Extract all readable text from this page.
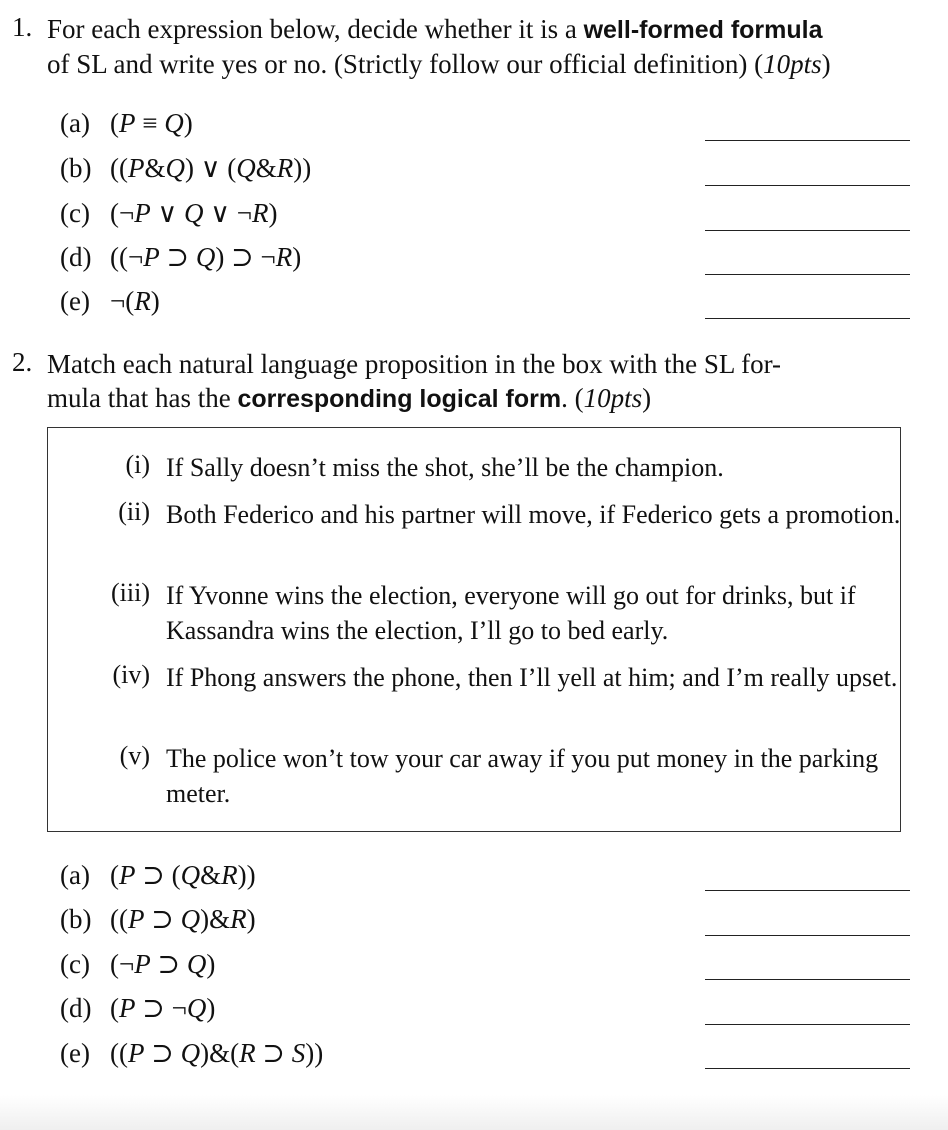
1. For each expression below, decide whether it is a well-formed formula
of SL and write yes or no. (Strictly follow our official definition) (10pts)
(a) (P ≡ Q)
(b) ((P&Q) ∨ (Q&R))
(c) (¬P ∨ Q ∨ ¬R)
(d) ((¬P ⊃ Q) ⊃ ¬R)
(e) ¬(R)
2. Match each natural language proposition in the box with the SL for-
mula that has the corresponding logical form. (10pts)
(i) If Sally doesn’t miss the shot, she’ll be the champion.
(ii) Both Federico and his partner will move, if Federico gets a promotion.
(iii) If Yvonne wins the election, everyone will go out for drinks, but if Kassandra wins the election, I’ll go to bed early.
(iv) If Phong answers the phone, then I’ll yell at him; and I’m really upset.
(v) The police won’t tow your car away if you put money in the parking meter.
(a) (P ⊃ (Q&R))
(b) ((P ⊃ Q)&R)
(c) (¬P ⊃ Q)
(d) (P ⊃ ¬Q)
(e) ((P ⊃ Q)&(R ⊃ S))
